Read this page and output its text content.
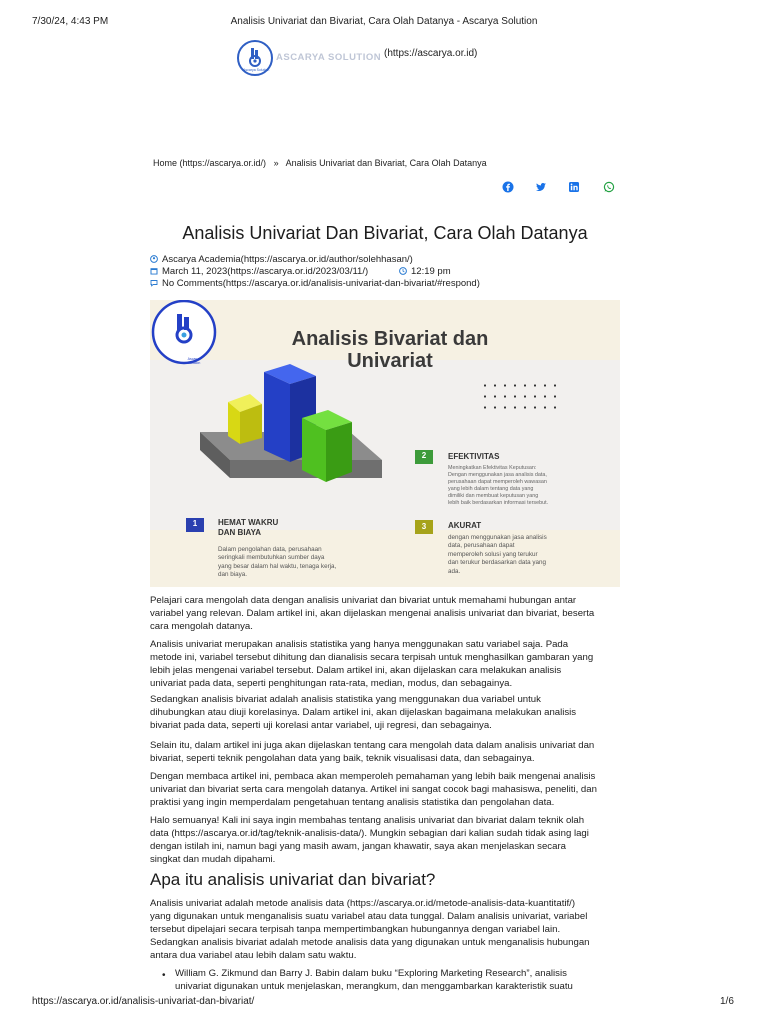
7/30/24, 4:43 PM	Analisis Univariat dan Bivariat, Cara Olah Datanya - Ascarya Solution
Ascarya Solution
ASCARYA SOLUTION (https://ascarya.or.id)
Home (https://ascarya.or.id/) » Analisis Univariat dan Bivariat, Cara Olah Datanya
Analisis Univariat Dan Bivariat, Cara Olah Datanya
Ascarya Academia(https://ascarya.or.id/author/solehhasan/)
March 11, 2023(https://ascarya.or.id/2023/03/11/)	12:19 pm
No Comments(https://ascarya.or.id/analisis-univariat-dan-bivariat/#respond)
Ascarya Solution
Analisis Bivariat dan
Univariat
1	HEMAT WAKRU
DAN BIAYA
Dalam pengolahan data, perusahaan
seringkali membutuhkan sumber daya
yang besar dalam hal waktu, tenaga kerja,
dan biaya.
2	EFEKTIVITAS
Meningkatkan Efektivitas Keputusan:
Dengan menggunakan jasa analisis data,
perusahaan dapat memperoleh wawasan
yang lebih dalam tentang data yang
dimiliki dan membuat keputusan yang
lebih baik berdasarkan informasi tersebut.
3	AKURAT
dengan menggunakan jasa analisis
data, perusahaan dapat
memperoleh solusi yang terukur
dan terukur berdasarkan data yang
ada.
Pelajari cara mengolah data dengan analisis univariat dan bivariat untuk memahami hubungan antar
variabel yang relevan. Dalam artikel ini, akan dijelaskan mengenai analisis univariat dan bivariat, beserta
cara mengolah datanya.
Analisis univariat merupakan analisis statistika yang hanya menggunakan satu variabel saja. Pada
metode ini, variabel tersebut dihitung dan dianalisis secara terpisah untuk menghasilkan gambaran yang
lebih jelas mengenai variabel tersebut. Dalam artikel ini, akan dijelaskan cara melakukan analisis
univariat pada data, seperti penghitungan rata-rata, median, modus, dan sebagainya.
Sedangkan analisis bivariat adalah analisis statistika yang menggunakan dua variabel untuk
dihubungkan atau diuji korelasinya. Dalam artikel ini, akan dijelaskan bagaimana melakukan analisis
bivariat pada data, seperti uji korelasi antar variabel, uji regresi, dan sebagainya.
Selain itu, dalam artikel ini juga akan dijelaskan tentang cara mengolah data dalam analisis univariat dan
bivariat, seperti teknik pengolahan data yang baik, teknik visualisasi data, dan sebagainya.
Dengan membaca artikel ini, pembaca akan memperoleh pemahaman yang lebih baik mengenai analisis
univariat dan bivariat serta cara mengolah datanya. Artikel ini sangat cocok bagi mahasiswa, peneliti, dan
praktisi yang ingin memperdalam pengetahuan tentang analisis statistika dan pengolahan data.
Halo semuanya! Kali ini saya ingin membahas tentang analisis univariat dan bivariat dalam teknik olah
data (https://ascarya.or.id/tag/teknik-analisis-data/). Mungkin sebagian dari kalian sudah tidak asing lagi
dengan istilah ini, namun bagi yang masih awam, jangan khawatir, saya akan menjelaskan secara
singkat dan mudah dipahami.
Apa itu analisis univariat dan bivariat?
Analisis univariat adalah metode analisis data (https://ascarya.or.id/metode-analisis-data-kuantitatif/)
yang digunakan untuk menganalisis suatu variabel atau data tunggal. Dalam analisis univariat, variabel
tersebut dipelajari secara terpisah tanpa mempertimbangkan hubungannya dengan variabel lain.
Sedangkan analisis bivariat adalah metode analisis data yang digunakan untuk menganalisis hubungan
antara dua variabel atau lebih dalam satu waktu.
• William G. Zikmund dan Barry J. Babin dalam buku “Exploring Marketing Research”, analisis
univariat digunakan untuk menjelaskan, merangkum, dan menggambarkan karakteristik suatu
https://ascarya.or.id/analisis-univariat-dan-bivariat/	1/6
